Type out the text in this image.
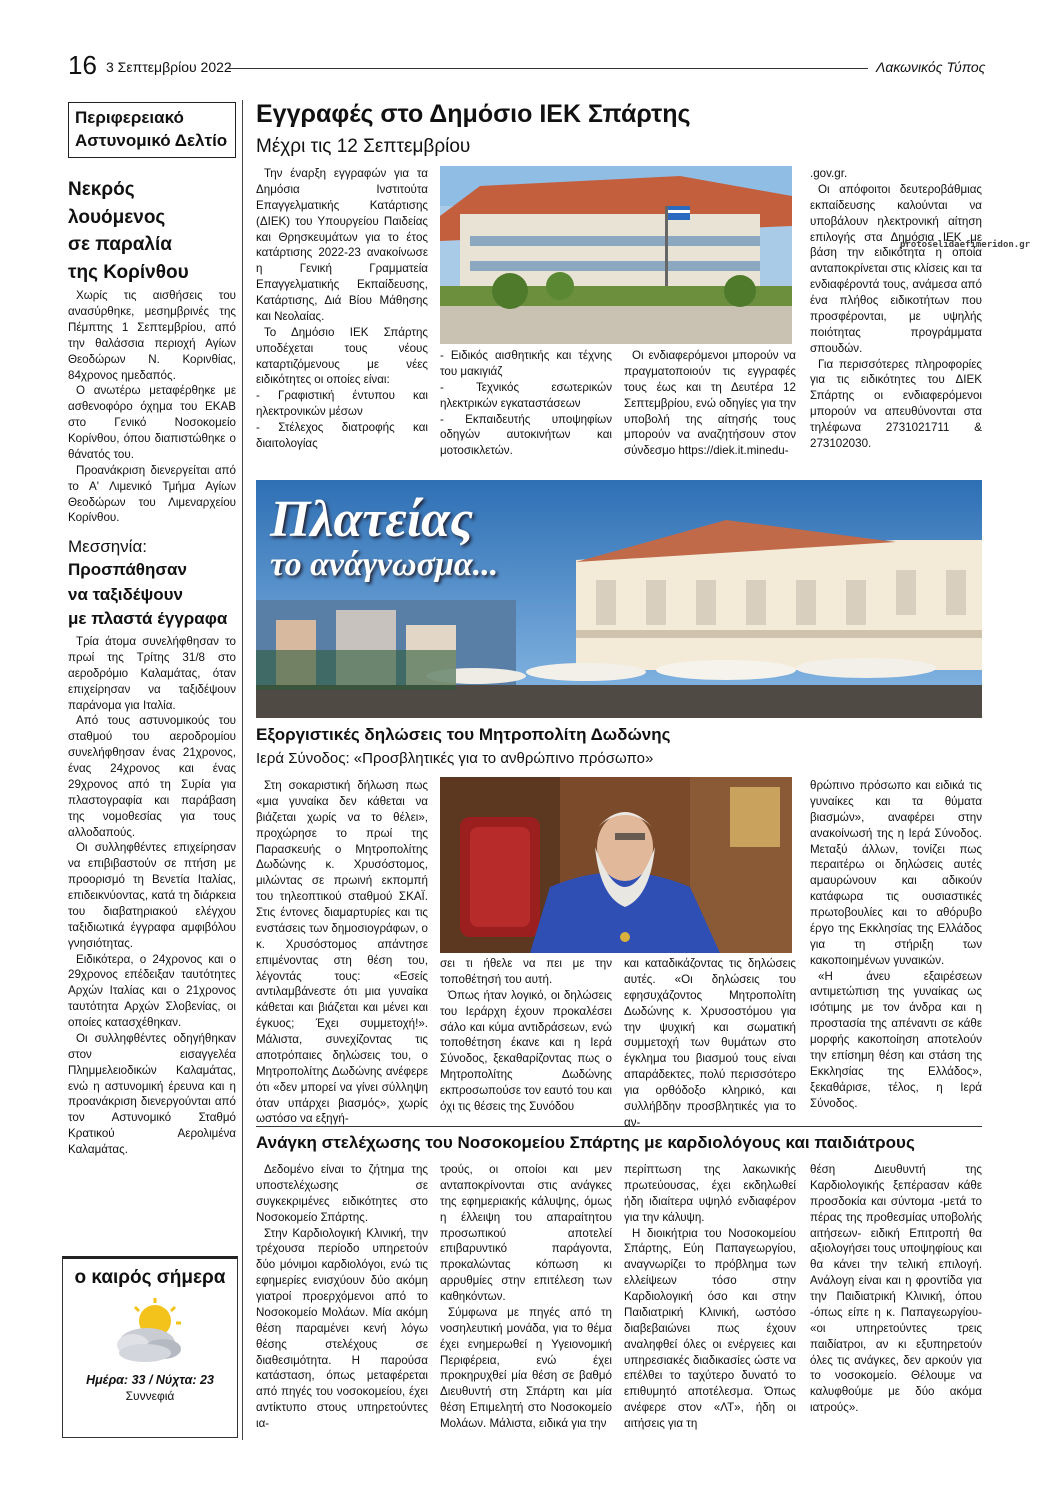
16 3 Σεπτεμβρίου 2022	Λακωνικός Τύπος
Περιφερειακό
Αστυνομικό Δελτίο
Νεκρός λουόμενος
σε παραλία
της Κορίνθου

Χωρίς τις αισθήσεις του ανασύρθηκε, μεσημβρινές της Πέμπτης 1 Σεπτεμβρίου, από την θαλάσσια περιοχή Αγίων Θεοδώρων Ν. Κορινθίας, 84χρονος ημεδαπός.

Ο ανωτέρω μεταφέρθηκε με ασθενοφόρο όχημα του ΕΚΑΒ στο Γενικό Νοσοκομείο Κορίνθου, όπου διαπιστώθηκε ο θάνατός του.

Προανάκριση διενεργείται από το Α' Λιμενικό Τμήμα Αγίων Θεοδώρων του Λιμεναρχείου Κορίνθου.

Μεσσηνία:
Προσπάθησαν
να ταξιδέψουν
με πλαστά έγγραφα

Τρία άτομα συνελήφθησαν το πρωί της Τρίτης 31/8 στο αεροδρόμιο Καλαμάτας, όταν επιχείρησαν να ταξιδέψουν παράνομα για Ιταλία.

Από τους αστυνομικούς του σταθμού του αεροδρομίου συνελήφθησαν ένας 21χρονος, ένας 24χρονος και ένας 29χρονος από τη Συρία για πλαστογραφία και παράβαση της νομοθεσίας για τους αλλοδαπούς.

Οι συλληφθέντες επιχείρησαν να επιβιβαστούν σε πτήση με προορισμό τη Βενετία Ιταλίας, επιδεικνύοντας, κατά τη διάρκεια του διαβατηριακού ελέγχου ταξιδιωτικά έγγραφα αμφιβόλου γνησιότητας.

Ειδικότερα, ο 24χρονος και ο 29χρονος επέδειξαν ταυτότητες Αρχών Ιταλίας και ο 21χρονος ταυτότητα Αρχών Σλοβενίας, οι οποίες κατασχέθηκαν.

Οι συλληφθέντες οδηγήθηκαν στον εισαγγελέα Πλημμελειοδικών Καλαμάτας, ενώ η αστυνομική έρευνα και η προανάκριση διενεργούνται από τον Αστυνομικό Σταθμό Κρατικού Αερολιμένα Καλαμάτας.

ο καιρός σήμερα
Ημέρα: 33 / Νύχτα: 23
Συννεφιά
Εγγραφές στο Δημόσιο ΙΕΚ Σπάρτης
Μέχρι τις 12 Σεπτεμβρίου

Την έναρξη εγγραφών για τα Δημόσια Ινστιτούτα Επαγγελματικής Κατάρτισης (ΔΙΕΚ) του Υπουργείου Παιδείας και Θρησκευμάτων για το έτος κατάρτισης 2022-23 ανακοίνωσε η Γενική Γραμματεία Επαγγελματικής Εκπαίδευσης, Κατάρτισης, Διά Βίου Μάθησης και Νεολαίας.

Το Δημόσιο ΙΕΚ Σπάρτης υποδέχεται τους νέους καταρτιζόμενους με νέες ειδικότητες οι οποίες είναι:

- Γραφιστική έντυπου και ηλεκτρονικών μέσων

- Στέλεχος διατροφής και διαιτολογίας

- Ειδικός αισθητικής και τέχνης του μακιγιάζ

- Τεχνικός εσωτερικών ηλεκτρικών εγκαταστάσεων

- Εκπαιδευτής υποψηφίων οδηγών αυτοκινήτων και μοτοσικλετών.

Οι ενδιαφερόμενοι μπορούν να πραγματοποιούν τις εγγραφές τους έως και τη Δευτέρα 12 Σεπτεμβρίου, ενώ οδηγίες για την υποβολή της αίτησής τους μπορούν να αναζητήσουν στον σύνδεσμο https://diek.it.minedu-

.gov.gr.

Οι απόφοιτοι δευτεροβάθμιας εκπαίδευσης καλούνται να υποβάλουν ηλεκτρονική αίτηση επιλογής στα Δημόσια ΙΕΚ με βάση την ειδικότητα η οποία ανταποκρίνεται στις κλίσεις και τα ενδιαφέροντά τους, ανάμεσα από ένα πλήθος ειδικοτήτων που προσφέρονται, με υψηλής ποιότητας προγράμματα σπουδών.

Για περισσότερες πληροφορίες για τις ειδικότητες του ΔΙΕΚ Σπάρτης οι ενδιαφερόμενοι μπορούν να απευθύνονται στα τηλέφωνα 2731021711 & 273102030.

protoselidaefimeridon.gr
Πλατείας
το ανάγνωσμα...
Εξοργιστικές δηλώσεις του Μητροπολίτη Δωδώνης
Ιερά Σύνοδος: «Προσβλητικές για το ανθρώπινο πρόσωπο»

Στη σοκαριστική δήλωση πως «μια γυναίκα δεν κάθεται να βιάζεται χωρίς να το θέλει», προχώρησε το πρωί της Παρασκευής ο Μητροπολίτης Δωδώνης κ. Χρυσόστομος, μιλώντας σε πρωινή εκπομπή του τηλεοπτικού σταθμού ΣΚΑΪ. Στις έντονες διαμαρτυρίες και τις ενστάσεις των δημοσιογράφων, ο κ. Χρυσόστομος απάντησε επιμένοντας στη θέση του, λέγοντάς τους: «Εσείς αντιλαμβάνεστε ότι μια γυναίκα κάθεται και βιάζεται και μένει και έγκυος; Έχει συμμετοχή!». Μάλιστα, συνεχίζοντας τις αποτρόπαιες δηλώσεις του, ο Μητροπολίτης Δωδώνης ανέφερε ότι «δεν μπορεί να γίνει σύλληψη όταν υπάρχει βιασμός», χωρίς ωστόσο να εξηγή-

σει τι ήθελε να πει με την τοποθέτησή του αυτή.

Όπως ήταν λογικό, οι δηλώσεις του Ιεράρχη έχουν προκαλέσει σάλο και κύμα αντιδράσεων, ενώ τοποθέτηση έκανε και η Ιερά Σύνοδος, ξεκαθαρίζοντας πως ο Μητροπολίτης Δωδώνης εκπροσωπούσε τον εαυτό του και όχι τις θέσεις της Συνόδου

και καταδικάζοντας τις δηλώσεις αυτές. «Οι δηλώσεις του εφησυχάζοντος Μητροπολίτη Δωδώνης κ. Χρυσοστόμου για την ψυχική και σωματική συμμετοχή των θυμάτων στο έγκλημα του βιασμού τους είναι απαράδεκτες, πολύ περισσότερο για ορθόδοξο κληρικό, και συλλήβδην προσβλητικές για το αν-

θρώπινο πρόσωπο και ειδικά τις γυναίκες και τα θύματα βιασμών», αναφέρει στην ανακοίνωσή της η Ιερά Σύνοδος. Μεταξύ άλλων, τονίζει πως περαιτέρω οι δηλώσεις αυτές αμαυρώνουν και αδικούν κατάφωρα τις ουσιαστικές πρωτοβουλίες και το αθόρυβο έργο της Εκκλησίας της Ελλάδος για τη στήριξη των κακοποιημένων γυναικών.

«Η άνευ εξαιρέσεων αντιμετώπιση της γυναίκας ως ισότιμης με τον άνδρα και η προστασία της απέναντι σε κάθε μορφής κακοποίηση αποτελούν την επίσημη θέση και στάση της Εκκλησίας της Ελλάδος», ξεκαθάρισε, τέλος, η Ιερά Σύνοδος.

Ανάγκη στελέχωσης του Νοσοκομείου Σπάρτης με καρδιολόγους και παιδιάτρους

Δεδομένο είναι το ζήτημα της υποστελέχωσης σε συγκεκριμένες ειδικότητες στο Νοσοκομείο Σπάρτης.

Στην Καρδιολογική Κλινική, την τρέχουσα περίοδο υπηρετούν δύο μόνιμοι καρδιολόγοι, ενώ τις εφημερίες ενισχύουν δύο ακόμη γιατροί προερχόμενοι από το Νοσοκομείο Μολάων. Μία ακόμη θέση παραμένει κενή λόγω θέσης στελέχους σε διαθεσιμότητα. Η παρούσα κατάσταση, όπως μεταφέρεται από πηγές του νοσοκομείου, έχει αντίκτυπο στους υπηρετούντες ια-

τρούς, οι οποίοι και μεν ανταποκρίνονται στις ανάγκες της εφημεριακής κάλυψης, όμως η έλλειψη του απαραίτητου προσωπικού αποτελεί επιβαρυντικό παράγοντα, προκαλώντας κόπωση κι αρρυθμίες στην επιτέλεση των καθηκόντων.

Σύμφωνα με πηγές από τη νοσηλευτική μονάδα, για το θέμα έχει ενημερωθεί η Υγειονομική Περιφέρεια, ενώ έχει προκηρυχθεί μία θέση σε βαθμό Διευθυντή στη Σπάρτη και μία θέση Επιμελητή στο Νοσοκομείο Μολάων. Μάλιστα, ειδικά για την

περίπτωση της λακωνικής πρωτεύουσας, έχει εκδηλωθεί ήδη ιδιαίτερα υψηλό ενδιαφέρον για την κάλυψη.

Η διοικήτρια του Νοσοκομείου Σπάρτης, Εύη Παπαγεωργίου, αναγνωρίζει το πρόβλημα των ελλείψεων τόσο στην Καρδιολογική όσο και στην Παιδιατρική Κλινική, ωστόσο διαβεβαιώνει πως έχουν αναληφθεί όλες οι ενέργειες και υπηρεσιακές διαδικασίες ώστε να επέλθει το ταχύτερο δυνατό το επιθυμητό αποτέλεσμα. Όπως ανέφερε στον «ΛΤ», ήδη οι αιτήσεις για τη

θέση Διευθυντή της Καρδιολογικής ξεπέρασαν κάθε προσδοκία και σύντομα -μετά το πέρας της προθεσμίας υποβολής αιτήσεων- ειδική Επιτροπή θα αξιολογήσει τους υποψηφίους και θα κάνει την τελική επιλογή. Ανάλογη είναι και η φροντίδα για την Παιδιατρική Κλινική, όπου -όπως είπε η κ. Παπαγεωργίου- «οι υπηρετούντες τρεις παιδίατροι, αν κι εξυπηρετούν όλες τις ανάγκες, δεν αρκούν για το νοσοκομείο. Θέλουμε να καλυφθούμε με δύο ακόμα ιατρούς».
